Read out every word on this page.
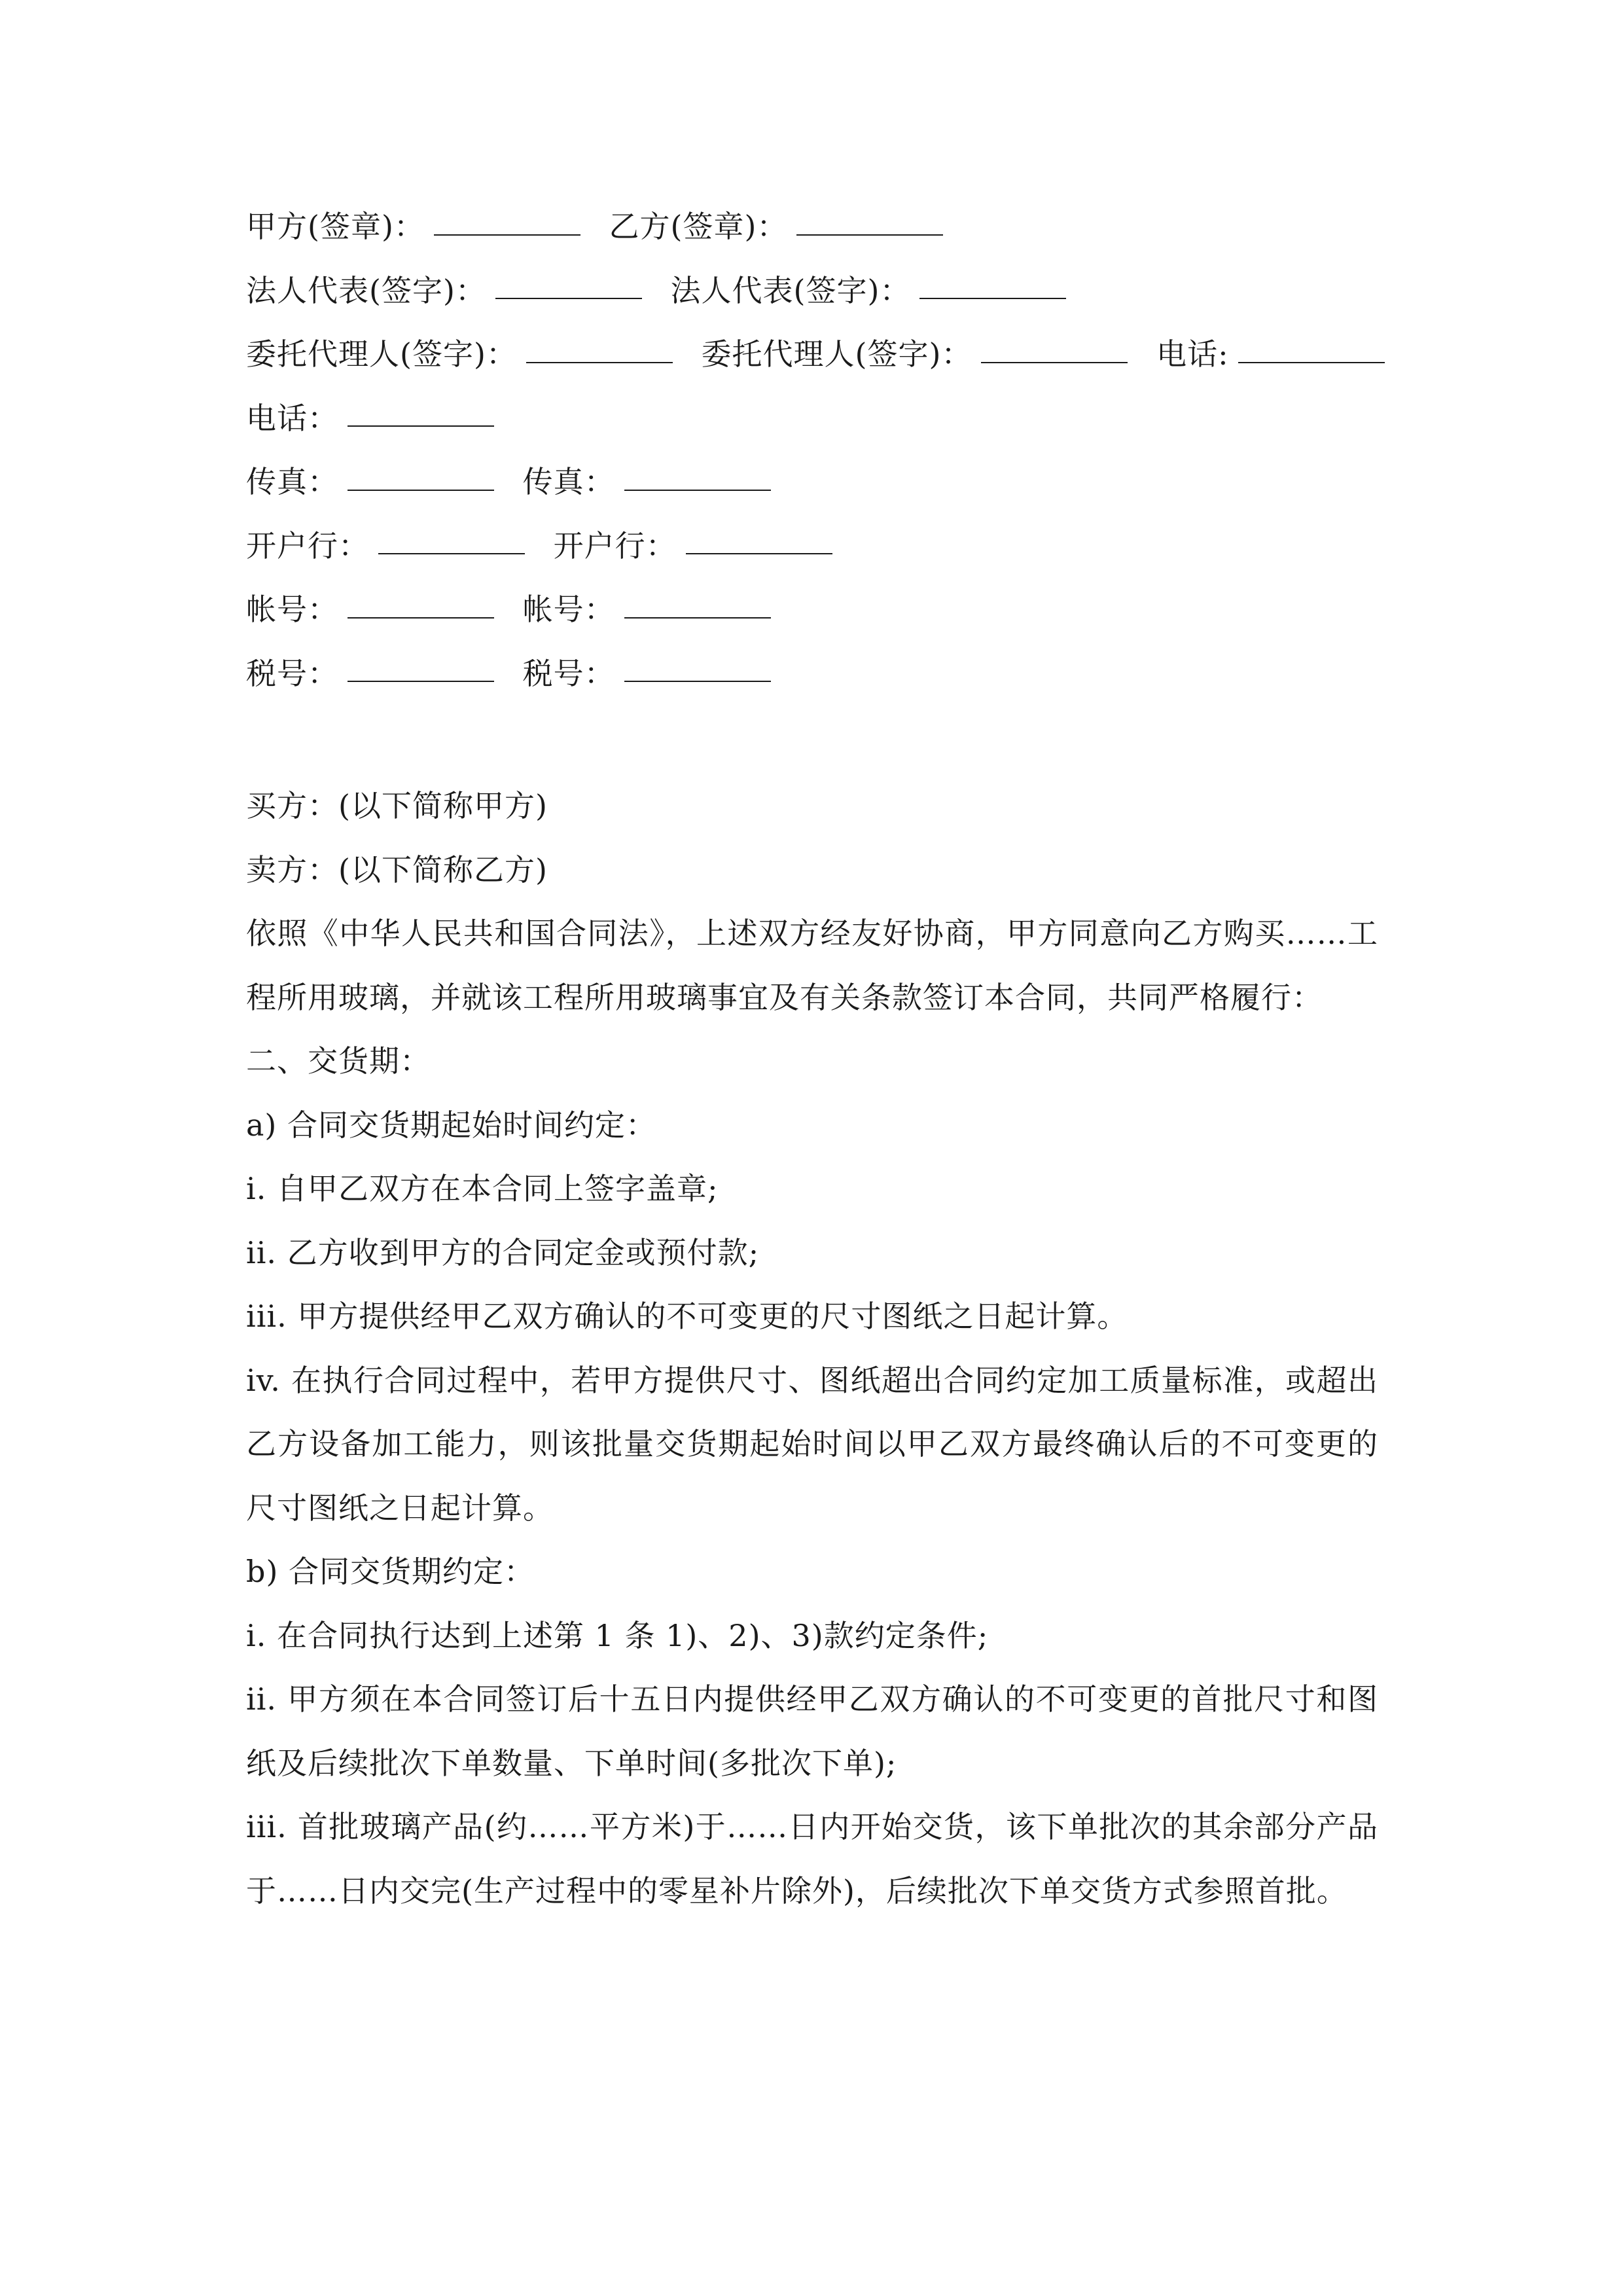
甲方(签章)：	乙方(签章)：
法人代表(签字)：	法人代表(签字)：
委托代理人(签字)：	委托代理人(签字)：	电话:
电话：
传真：	传真：
开户行：	开户行：
帐号：	帐号：
税号：	税号：
买方：(以下简称甲方)
卖方：(以下简称乙方)
依照《中华人民共和国合同法》，上述双方经友好协商，甲方同意向乙方购买……工程所用玻璃，并就该工程所用玻璃事宜及有关条款签订本合同，共同严格履行：
二、交货期：
a) 合同交货期起始时间约定：
i. 自甲乙双方在本合同上签字盖章;
ii. 乙方收到甲方的合同定金或预付款;
iii. 甲方提供经甲乙双方确认的不可变更的尺寸图纸之日起计算。
iv. 在执行合同过程中，若甲方提供尺寸、图纸超出合同约定加工质量标准，或超出乙方设备加工能力，则该批量交货期起始时间以甲乙双方最终确认后的不可变更的尺寸图纸之日起计算。
b) 合同交货期约定：
i. 在合同执行达到上述第 1 条 1)、2)、3)款约定条件;
ii. 甲方须在本合同签订后十五日内提供经甲乙双方确认的不可变更的首批尺寸和图纸及后续批次下单数量、下单时间(多批次下单);
iii. 首批玻璃产品(约……平方米)于……日内开始交货，该下单批次的其余部分产品于……日内交完(生产过程中的零星补片除外)，后续批次下单交货方式参照首批。
